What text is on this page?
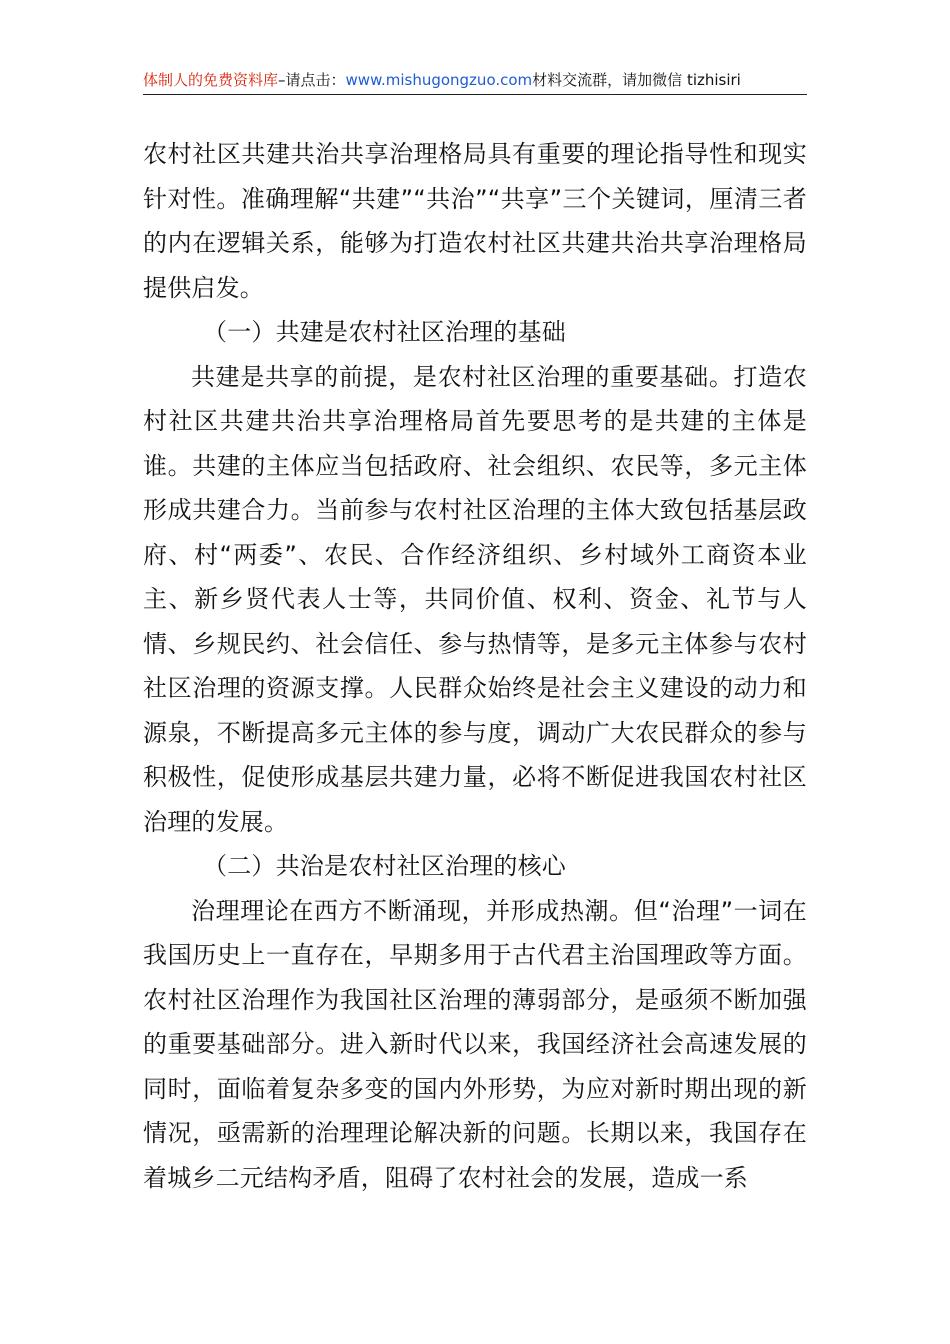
体制人的免费资料库–请点击：www.mishugongzuo.com材料交流群，请加微信 tizhisiri

农村社区共建共治共享治理格局具有重要的理论指导性和现实针对性。准确理解“共建”“共治”“共享”三个关键词，厘清三者的内在逻辑关系，能够为打造农村社区共建共治共享治理格局提供启发。

（一）共建是农村社区治理的基础

共建是共享的前提，是农村社区治理的重要基础。打造农村社区共建共治共享治理格局首先要思考的是共建的主体是谁。共建的主体应当包括政府、社会组织、农民等，多元主体形成共建合力。当前参与农村社区治理的主体大致包括基层政府、村“两委”、农民、合作经济组织、乡村域外工商资本业主、新乡贤代表人士等，共同价值、权利、资金、礼节与人情、乡规民约、社会信任、参与热情等，是多元主体参与农村社区治理的资源支撑。人民群众始终是社会主义建设的动力和源泉，不断提高多元主体的参与度，调动广大农民群众的参与积极性，促使形成基层共建力量，必将不断促进我国农村社区治理的发展。

（二）共治是农村社区治理的核心

治理理论在西方不断涌现，并形成热潮。但“治理”一词在我国历史上一直存在，早期多用于古代君主治国理政等方面。农村社区治理作为我国社区治理的薄弱部分，是亟须不断加强的重要基础部分。进入新时代以来，我国经济社会高速发展的同时，面临着复杂多变的国内外形势，为应对新时期出现的新情况，亟需新的治理理论解决新的问题。长期以来，我国存在着城乡二元结构矛盾，阻碍了农村社会的发展，造成一系
